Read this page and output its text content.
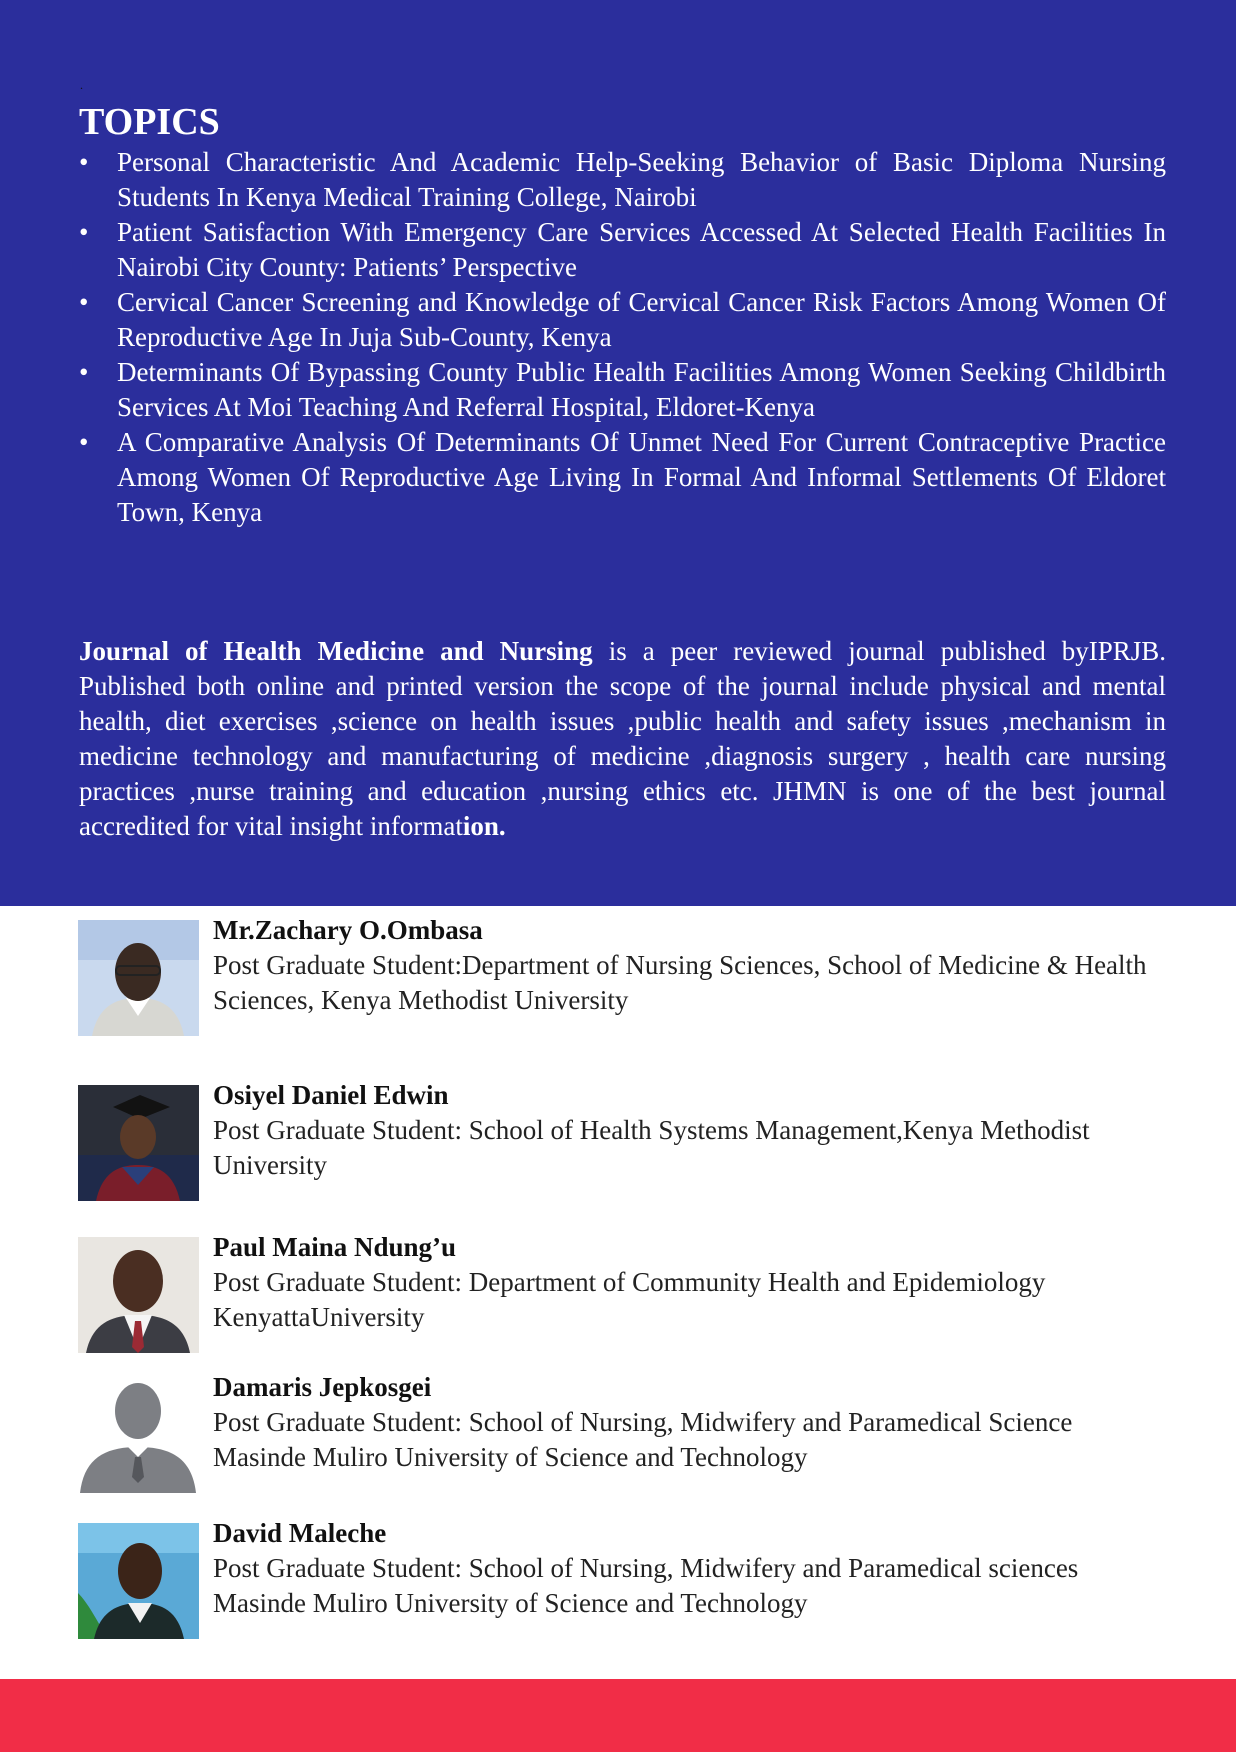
.
TOPICS
• Personal Characteristic And Academic Help-Seeking Behavior of Basic Diploma Nursing Students In Kenya Medical Training College, Nairobi
• Patient Satisfaction With Emergency Care Services Accessed At Selected Health Facilities In Nairobi City County: Patients’ Perspective
• Cervical Cancer Screening and Knowledge of Cervical Cancer Risk Factors Among Women Of Reproductive Age In Juja Sub-County, Kenya
• Determinants Of Bypassing County Public Health Facilities Among Women Seeking Childbirth Services At Moi Teaching And Referral Hospital, Eldoret-Kenya
• A Comparative Analysis Of Determinants Of Unmet Need For Current Contraceptive Practice Among Women Of Reproductive Age Living In Formal And Informal Settlements Of Eldoret Town, Kenya

Journal of Health Medicine and Nursing is a peer reviewed journal published byIPRJB. Published both online and printed version the scope of the journal include physical and mental health, diet exercises ,science on health issues ,public health and safety issues ,mechanism in medicine technology and manufacturing of medicine ,diagnosis surgery , health care nursing practices ,nurse training and education ,nursing ethics etc. JHMN is one of the best journal accredited for vital insight information.

Mr.Zachary O.Ombasa
Post Graduate Student:Department of Nursing Sciences, School of Medicine & Health Sciences, Kenya Methodist University
Osiyel Daniel Edwin
Post Graduate Student: School of Health Systems Management,Kenya Methodist University
Paul Maina Ndung’u
Post Graduate Student: Department of Community Health and Epidemiology KenyattaUniversity
Damaris Jepkosgei
Post Graduate Student: School of Nursing, Midwifery and Paramedical Science Masinde Muliro University of Science and Technology
David Maleche
Post Graduate Student: School of Nursing, Midwifery and Paramedical sciences Masinde Muliro University of Science and Technology
